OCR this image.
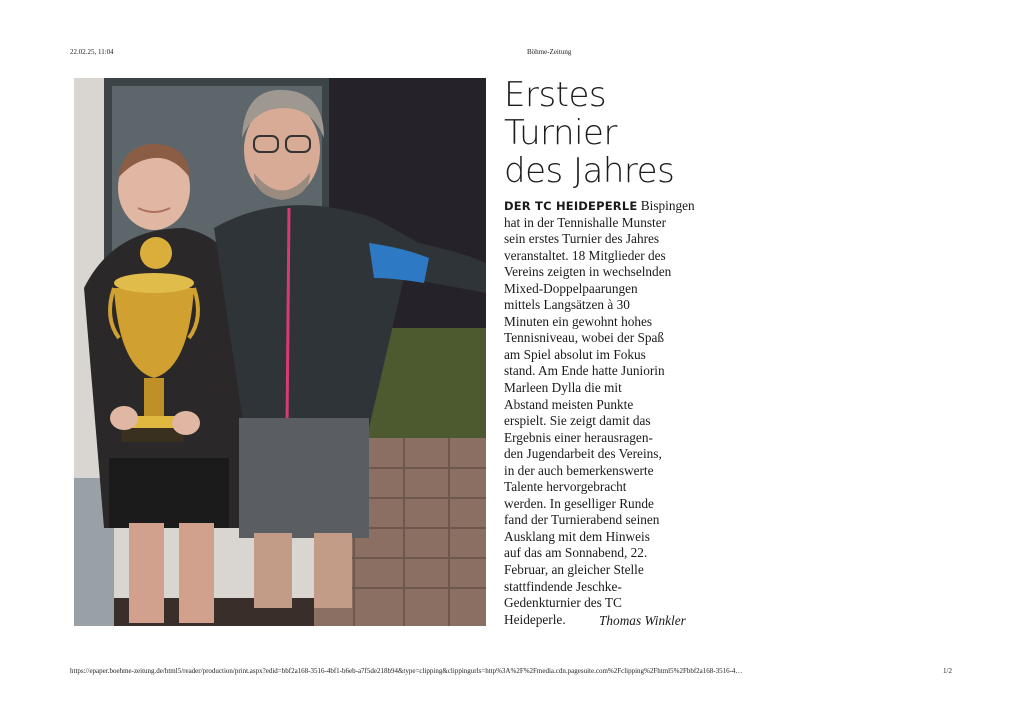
22.02.25, 11:04	Böhme-Zeitung
Erstes
Turnier
des Jahres
DER TC HEIDEPERLE Bispingen
hat in der Tennishalle Munster
sein erstes Turnier des Jahres
veranstaltet. 18 Mitglieder des
Vereins zeigten in wechselnden
Mixed-Doppelpaarungen
mittels Langsätzen à 30
Minuten ein gewohnt hohes
Tennisniveau, wobei der Spaß
am Spiel absolut im Fokus
stand. Am Ende hatte Juniorin
Marleen Dylla die mit
Abstand meisten Punkte
erspielt. Sie zeigt damit das
Ergebnis einer herausragen-
den Jugendarbeit des Vereins,
in der auch bemerkenswerte
Talente hervorgebracht
werden. In geselliger Runde
fand der Turnierabend seinen
Ausklang mit dem Hinweis
auf das am Sonnabend, 22.
Februar, an gleicher Stelle
stattfindende Jeschke-
Gedenkturnier des TC
Heideperle.	Thomas Winkler
https://epaper.boehme-zeitung.de/html5/reader/production/print.aspx?edid=bbf2a168-3516-4bf1-b6eb-a7f5de218b94&type=clipping&clippingurls=http%3A%2F%2Fmedia.cdn.pagesuite.com%2Fclipping%2Fhtml5%2Fbbf2a168-3516-4…	1/2
